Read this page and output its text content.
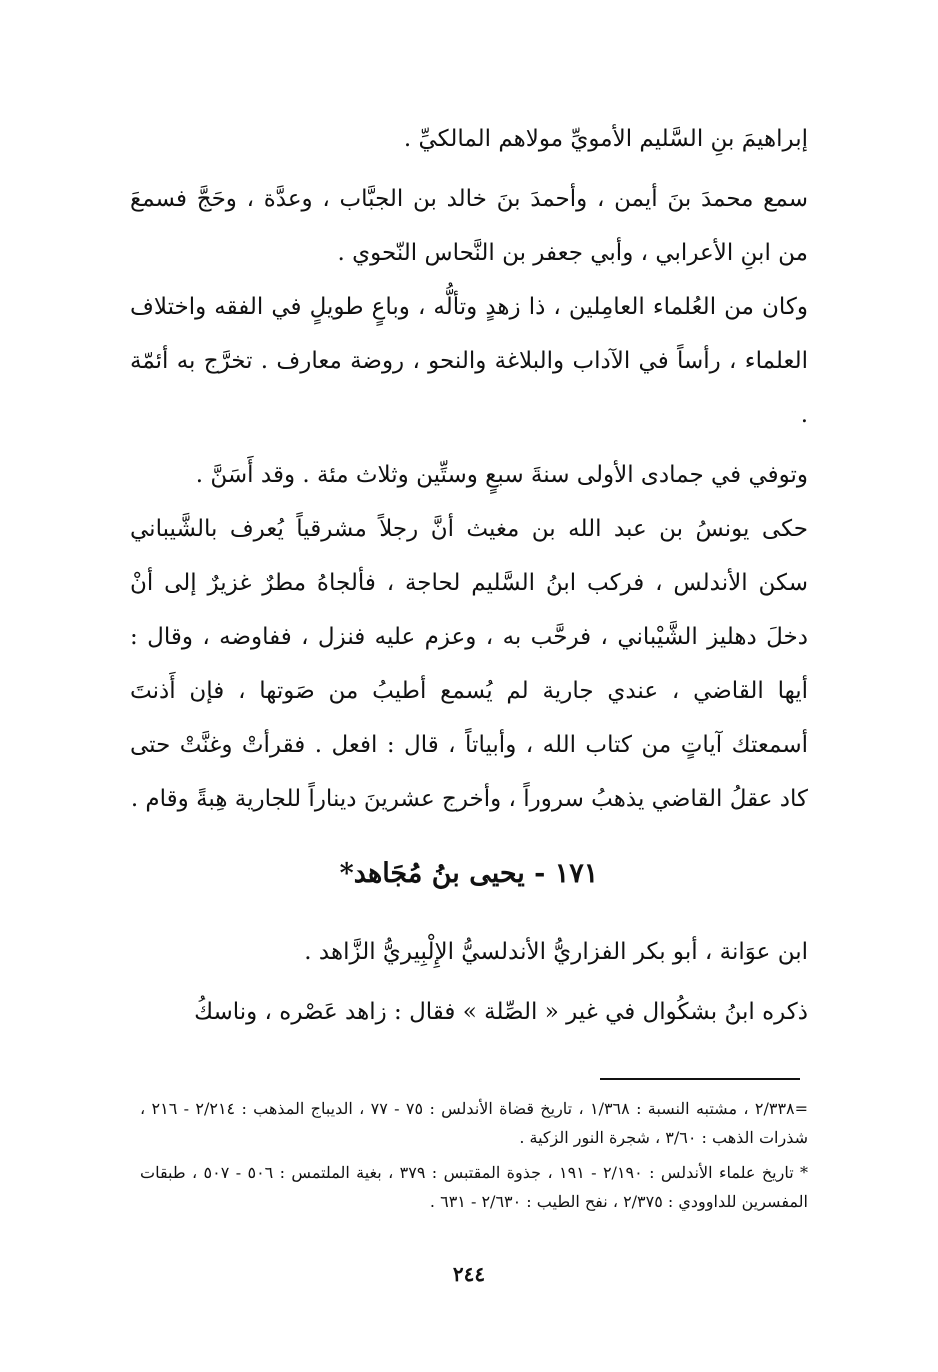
إبراهيمَ بنِ السَّليم الأمويِّ مولاهم المالكيِّ .

سمع محمدَ بنَ أيمن ، وأحمدَ بنَ خالد بن الجبَّاب ، وعدَّة ، وحَجَّ فسمعَ من ابنِ الأعرابي ، وأبي جعفر بن النَّحاس النّحوي .

وكان من العُلماء العامِلين ، ذا زهدٍ وتألُّه ، وباعٍ طويلٍ في الفقه واختلاف العلماء ، رأساً في الآداب والبلاغة والنحو ، روضة معارف . تخرَّج به أئمّة .

وتوفي في جمادى الأولى سنةَ سبعٍ وستِّين وثلاث مئة . وقد أَسَنَّ .

حكى يونسُ بن عبد الله بن مغيث أنَّ رجلاً مشرقياً يُعرف بالشَّيباني سكن الأندلس ، فركب ابنُ السَّليم لحاجة ، فألجاهُ مطرٌ غزيرٌ إلى أنْ دخلَ دهليز الشَّيْباني ، فرحَّب به ، وعزم عليه فنزل ، ففاوضه ، وقال : أيها القاضي ، عندي جارية لم يُسمع أطيبُ من صَوتها ، فإن أَذنتَ أسمعتك آياتٍ من كتاب الله ، وأبياتاً ، قال : افعل . فقرأتْ وغنَّتْ حتى كاد عقلُ القاضي يذهبُ سروراً ، وأخرج عشرينَ ديناراً للجارية هِبةً وقام .

١٧١ - يحيى بنُ مُجَاهد*

ابن عوَانة ، أبو بكر الفزاريُّ الأندلسيُّ الإِلْبِيريُّ الزَّاهد .

ذكره ابنُ بشكُوال في غير « الصِّلة » فقال : زاهد عَصْره ، وناسكُ

=٢/٣٣٨ ، مشتبه النسبة : ١/٣٦٨ ، تاريخ قضاة الأندلس : ٧٥ - ٧٧ ، الديباج المذهب : ٢/٢١٤ - ٢١٦ ، شذرات الذهب : ٣/٦٠ ، شجرة النور الزكية .

* تاريخ علماء الأندلس : ٢/١٩٠ - ١٩١ ، جذوة المقتبس : ٣٧٩ ، بغية الملتمس : ٥٠٦ - ٥٠٧ ، طبقات المفسرين للداوودي : ٢/٣٧٥ ، نفح الطيب : ٢/٦٣٠ - ٦٣١ .

٢٤٤
